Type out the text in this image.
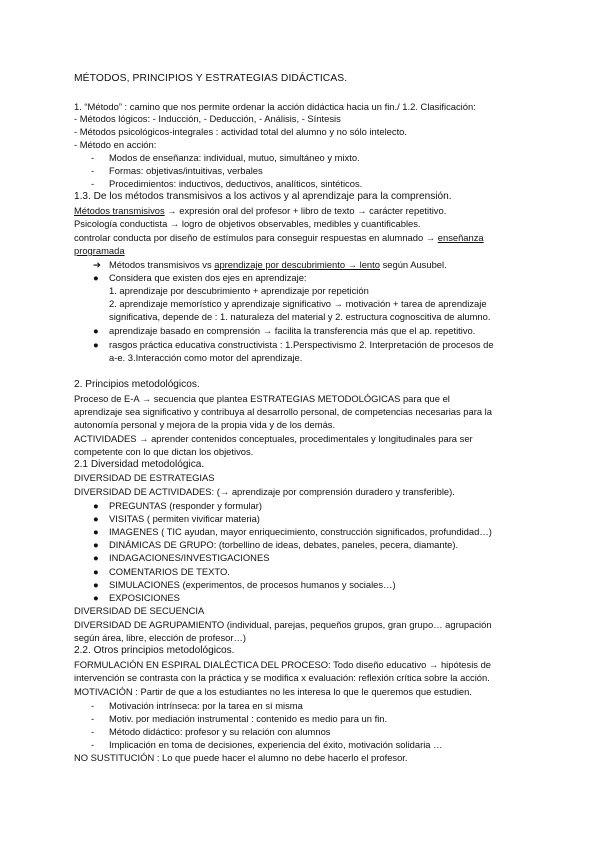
MÉTODOS, PRINCIPIOS Y ESTRATEGIAS DIDÁCTICAS.
1. “Método” : camino que nos permite ordenar la acción didáctica hacia un fin./ 1.2. Clasificación:
- Métodos lógicos: - Inducción, - Deducción, - Análisis, - Síntesis
- Métodos psicológicos-integrales : actividad total del alumno y no sólo intelecto.
- Método en acción:
- Modos de enseñanza: individual, mutuo, simultáneo y mixto.
- Formas: objetivas/intuitivas, verbales
- Procedimientos: inductivos, deductivos, analíticos, sintéticos.
1.3. De los métodos transmisivos a los activos y al aprendizaje para la comprensión.
Métodos transmisivos → expresión oral del profesor + libro de texto → carácter repetitivo.
Psicología conductista → logro de objetivos observables, medibles y cuantificables.
controlar conducta por diseño de estímulos para conseguir respuestas en alumnado → enseñanza
programada
➔ Métodos transmisivos vs aprendizaje por descubrimiento → lento según Ausubel.
● Considera que existen dos ejes en aprendizaje:
1. aprendizaje por descubrimiento + aprendizaje por repetición
2. aprendizaje memorístico y aprendizaje significativo → motivación + tarea de aprendizaje
significativa, depende de : 1. naturaleza del material y 2. estructura cognoscitiva de alumno.
● aprendizaje basado en comprensión → facilita la transferencia más que el ap. repetitivo.
● rasgos práctica educativa constructivista : 1.Perspectivismo 2. Interpretación de procesos de
a-e. 3.Interacción como motor del aprendizaje.
2. Principios metodológicos.
Proceso de E-A → secuencia que plantea ESTRATEGIAS METODOLÓGICAS para que el
aprendizaje sea significativo y contribuya al desarrollo personal, de competencias necesarias para la
autonomía personal y mejora de la propia vida y de los demás.
ACTIVIDADES → aprender contenidos conceptuales, procedimentales y longitudinales para ser
competente con lo que dictan los objetivos.
2.1 Diversidad metodológica.
DIVERSIDAD DE ESTRATEGIAS
DIVERSIDAD DE ACTIVIDADES: (→ aprendizaje por comprensión duradero y transferible).
● PREGUNTAS (responder y formular)
● VISITAS ( permiten vivificar materia)
● IMAGENES ( TIC ayudan, mayor enriquecimiento, construcción significados, profundidad…)
● DINÁMICAS DE GRUPO: (torbellino de ideas, debates, paneles, pecera, diamante).
● INDAGACIONES/INVESTIGACIONES
● COMENTARIOS DE TEXTO.
● SIMULACIONES (experimentos, de procesos humanos y sociales…)
● EXPOSICIONES
DIVERSIDAD DE SECUENCIA
DIVERSIDAD DE AGRUPAMIENTO (individual, parejas, pequeños grupos, gran grupo… agrupación
según área, libre, elección de profesor…)
2.2. Otros principios metodológicos.
FORMULACIÓN EN ESPIRAL DIALÉCTICA DEL PROCESO: Todo diseño educativo → hipótesis de
intervención se contrasta con la práctica y se modifica x evaluación: reflexión crítica sobre la acción.
MOTIVACIÓN : Partir de que a los estudiantes no les interesa lo que le queremos que estudien.
- Motivación intrínseca: por la tarea en sí misma
- Motiv. por mediación instrumental : contenido es medio para un fin.
- Método didáctico: profesor y su relación con alumnos
- Implicación en toma de decisiones, experiencia del éxito, motivación solidaria …
NO SUSTITUCIÓN : Lo que puede hacer el alumno no debe hacerlo el profesor.
